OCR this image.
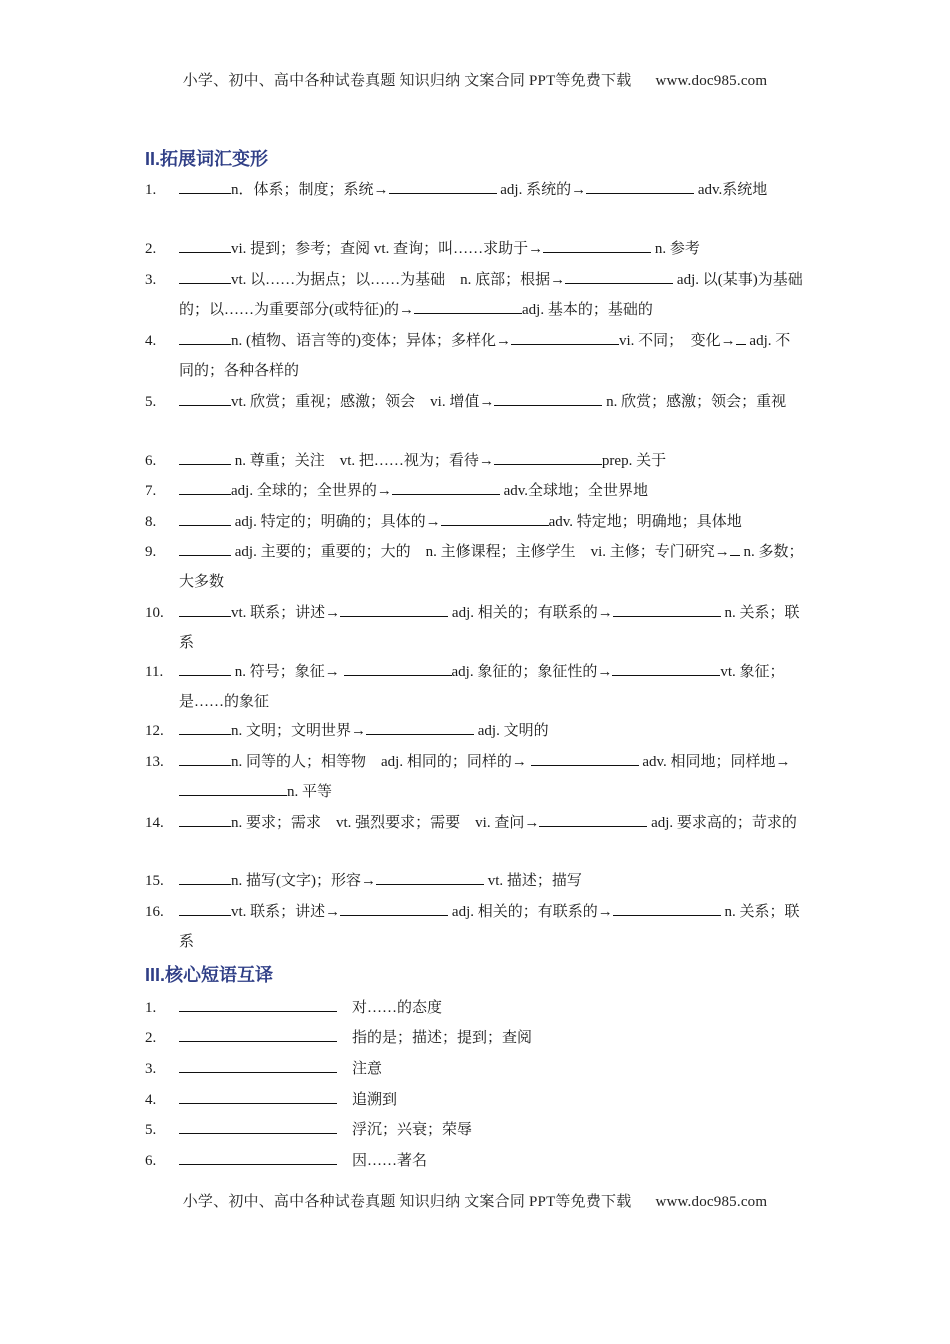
小学、初中、高中各种试卷真题 知识归纳 文案合同 PPT等免费下载 www.doc985.com
II.拓展词汇变形
1.	n．体系；制度；系统→	adj. 系统的→	adv.系统地
2.	vi. 提到；参考；查阅 vt. 查询；叫……求助于→	n. 参考
3.	vt. 以……为据点；以……为基础　n. 底部；根据→	adj. 以(某事)为基础的；以……为重要部分(或特征)的→	adj. 基本的；基础的
4.	n. (植物、语言等的)变体；异体；多样化→	vi. 不同；　变化→ adj. 不同的；各种各样的
5.	vt. 欣赏；重视；感激；领会　vi. 增值→	n. 欣赏；感激；领会；重视
6.	n. 尊重；关注　vt. 把……视为；看待→	prep. 关于
7.	adj. 全球的；全世界的→	adv.全球地；全世界地
8.	adj. 特定的；明确的；具体的→	adv. 特定地；明确地；具体地
9.	adj. 主要的；重要的；大的　n. 主修课程；主修学生　vi. 主修；专门研究→ n. 多数；大多数
10.	vt. 联系；讲述→	adj. 相关的；有联系的→	n. 关系；联系
11.	n. 符号；象征→	adj. 象征的；象征性的→	vt. 象征；是……的象征
12.	n. 文明；文明世界→	adj. 文明的
13.	n. 同等的人；相等物　adj. 相同的；同样的→	adv. 相同地；同样地→n. 平等
14.	n. 要求；需求　vt. 强烈要求；需要　vi. 查问→	adj. 要求高的；苛求的
15.	n. 描写(文字)；形容→	vt. 描述；描写
16.	vt. 联系；讲述→	adj. 相关的；有联系的→	n. 关系；联系
III.核心短语互译
1.
　	对……的态度
2.
　	指的是；描述；提到；查阅
3.
　	注意
4.
　	追溯到
5.
　	浮沉；兴衰；荣辱
6.
　	因……著名
小学、初中、高中各种试卷真题 知识归纳 文案合同 PPT等免费下载 www.doc985.com
